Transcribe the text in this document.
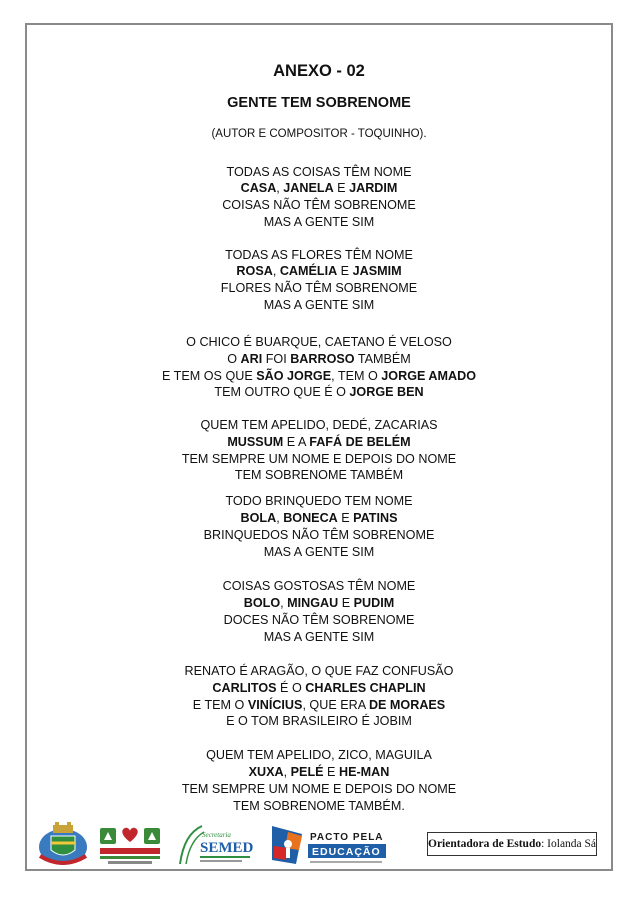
ANEXO - 02
GENTE TEM SOBRENOME
(AUTOR E COMPOSITOR - TOQUINHO).
TODAS AS COISAS TÊM NOME
CASA, JANELA E JARDIM
COISAS NÃO TÊM SOBRENOME
MAS A GENTE SIM
TODAS AS FLORES TÊM NOME
ROSA, CAMÉLIA E JASMIM
FLORES NÃO TÊM SOBRENOME
MAS A GENTE SIM
O CHICO É BUARQUE, CAETANO É VELOSO
O ARI FOI BARROSO TAMBÉM
E TEM OS QUE SÃO JORGE, TEM O JORGE AMADO
TEM OUTRO QUE É O JORGE BEN
QUEM TEM APELIDO, DEDÉ, ZACARIAS
MUSSUM E A FAFÁ DE BELÉM
TEM SEMPRE UM NOME E DEPOIS DO NOME
TEM SOBRENOME TAMBÉM
TODO BRINQUEDO TEM NOME
BOLA, BONECA E PATINS
BRINQUEDOS NÃO TÊM SOBRENOME
MAS A GENTE SIM
COISAS GOSTOSAS TÊM NOME
BOLO, MINGAU E PUDIM
DOCES NÃO TÊM SOBRENOME
MAS A GENTE SIM
RENATO É ARAGÃO, O QUE FAZ CONFUSÃO
CARLITOS É O CHARLES CHAPLIN
E TEM O VINÍCIUS, QUE ERA DE MORAES
E O TOM BRASILEIRO É JOBIM
QUEM TEM APELIDO, ZICO, MAGUILA
XUXA, PELÉ E HE-MAN
TEM SEMPRE UM NOME E DEPOIS DO NOME
TEM SOBRENOME TAMBÉM.
Secretaria
SEMED
PACTO PELA
EDUCAÇÃO
Orientadora de Estudo: Iolanda Sá
